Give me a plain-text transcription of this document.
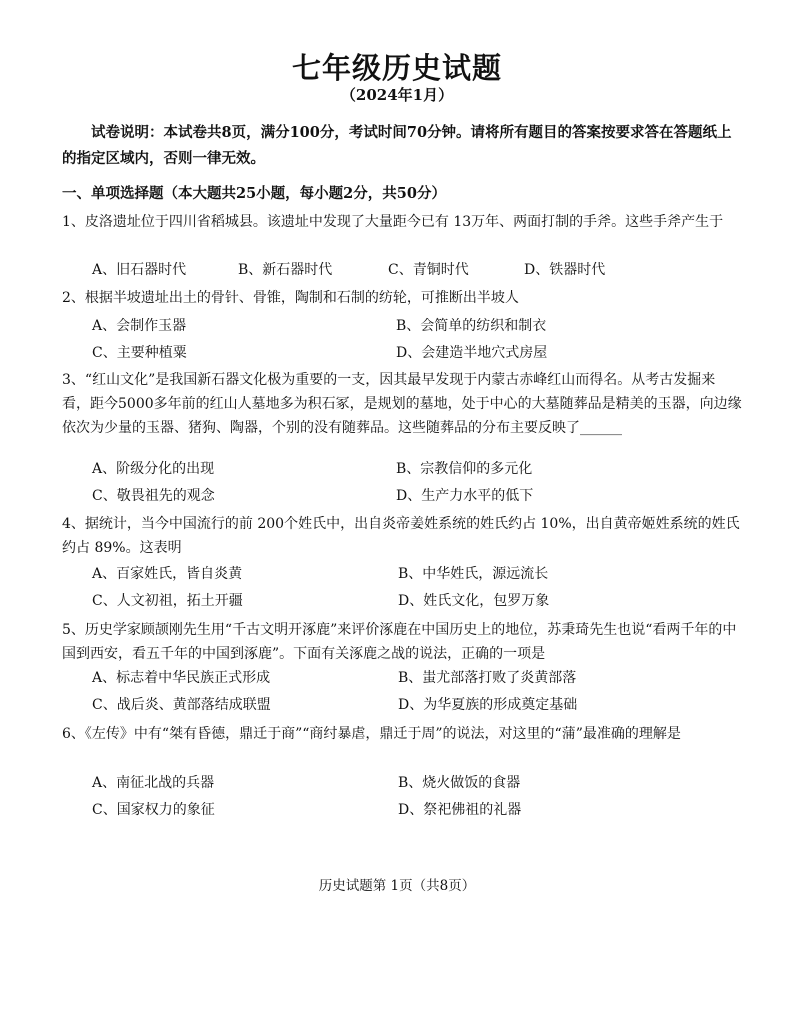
七年级历史试题
（2024年1月）
试卷说明：本试卷共8页，满分100分，考试时间70分钟。请将所有题目的答案按要求答在答题纸上的指定区域内，否则一律无效。
一、单项选择题（本大题共25小题，每小题2分，共50分）
1、皮洛遗址位于四川省稻城县。该遗址中发现了大量距今已有 13万年、两面打制的手斧。这些手斧产生于
A、旧石器时代	B、新石器时代	C、青铜时代	D、铁器时代
2、根据半坡遗址出土的骨针、骨锥，陶制和石制的纺轮，可推断出半坡人
A、会制作玉器	B、会简单的纺织和制衣
C、主要种植粟	D、会建造半地穴式房屋
3、“红山文化”是我国新石器文化极为重要的一支，因其最早发现于内蒙古赤峰红山而得名。从考古发掘来看，距今5000多年前的红山人墓地多为积石冢，是规划的墓地，处于中心的大墓随葬品是精美的玉器，向边缘依次为少量的玉器、猪狗、陶器，个别的没有随葬品。这些随葬品的分布主要反映了______
A、阶级分化的出现	B、宗教信仰的多元化
C、敬畏祖先的观念	D、生产力水平的低下
4、据统计，当今中国流行的前 200个姓氏中，出自炎帝姜姓系统的姓氏约占 10%，出自黄帝姬姓系统的姓氏约占 89%。这表明
A、百家姓氏，皆自炎黄	B、中华姓氏，源远流长
C、人文初祖，拓土开疆	D、姓氏文化，包罗万象
5、历史学家顾颉刚先生用“千古文明开涿鹿”来评价涿鹿在中国历史上的地位，苏秉琦先生也说“看两千年的中国到西安，看五千年的中国到涿鹿”。下面有关涿鹿之战的说法，正确的一项是
A、标志着中华民族正式形成	B、蚩尤部落打败了炎黄部落
C、战后炎、黄部落结成联盟	D、为华夏族的形成奠定基础
6、《左传》中有“桀有昏德，鼎迁于商”“商纣暴虐，鼎迁于周”的说法，对这里的“蒲”最准确的理解是
A、南征北战的兵器	B、烧火做饭的食器
C、国家权力的象征	D、祭祀佛祖的礼器
历史试题第 1页（共8页）
